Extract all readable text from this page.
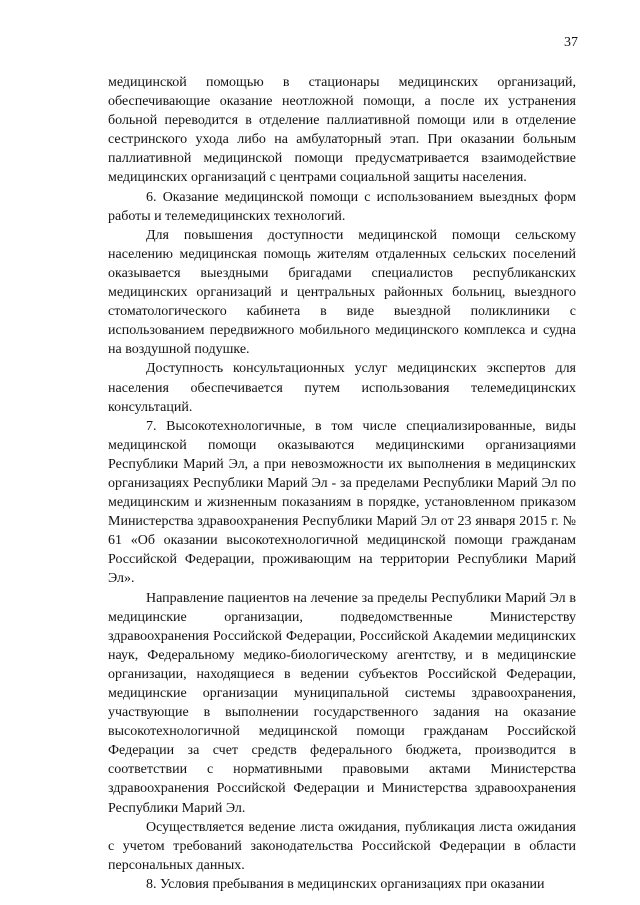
37

медицинской помощью в стационары медицинских организаций, обеспечивающие оказание неотложной помощи, а после их устранения больной переводится в отделение паллиативной помощи или в отделение сестринского ухода либо на амбулаторный этап. При оказании больным паллиативной медицинской помощи предусматривается взаимодействие медицинских организаций с центрами социальной защиты населения.

6. Оказание медицинской помощи с использованием выездных форм работы и телемедицинских технологий.

Для повышения доступности медицинской помощи сельскому населению медицинская помощь жителям отдаленных сельских поселений оказывается выездными бригадами специалистов республиканских медицинских организаций и центральных районных больниц, выездного стоматологического кабинета в виде выездной поликлиники с использованием передвижного мобильного медицинского комплекса и судна на воздушной подушке.

Доступность консультационных услуг медицинских экспертов для населения обеспечивается путем использования телемедицинских консультаций.

7. Высокотехнологичные, в том числе специализированные, виды медицинской помощи оказываются медицинскими организациями Республики Марий Эл, а при невозможности их выполнения в медицинских организациях Республики Марий Эл - за пределами Республики Марий Эл по медицинским и жизненным показаниям в порядке, установленном приказом Министерства здравоохранения Республики Марий Эл от 23 января 2015 г. № 61 «Об оказании высокотехнологичной медицинской помощи гражданам Российской Федерации, проживающим на территории Республики Марий Эл».

Направление пациентов на лечение за пределы Республики Марий Эл в медицинские организации, подведомственные Министерству здравоохранения Российской Федерации, Российской Академии медицинских наук, Федеральному медико-биологическому агентству, и в медицинские организации, находящиеся в ведении субъектов Российской Федерации, медицинские организации муниципальной системы здравоохранения, участвующие в выполнении государственного задания на оказание высокотехнологичной медицинской помощи гражданам Российской Федерации за счет средств федерального бюджета, производится в соответствии с нормативными правовыми актами Министерства здравоохранения Российской Федерации и Министерства здравоохранения Республики Марий Эл.

Осуществляется ведение листа ожидания, публикация листа ожидания с учетом требований законодательства Российской Федерации в области персональных данных.

8. Условия пребывания в медицинских организациях при оказании
